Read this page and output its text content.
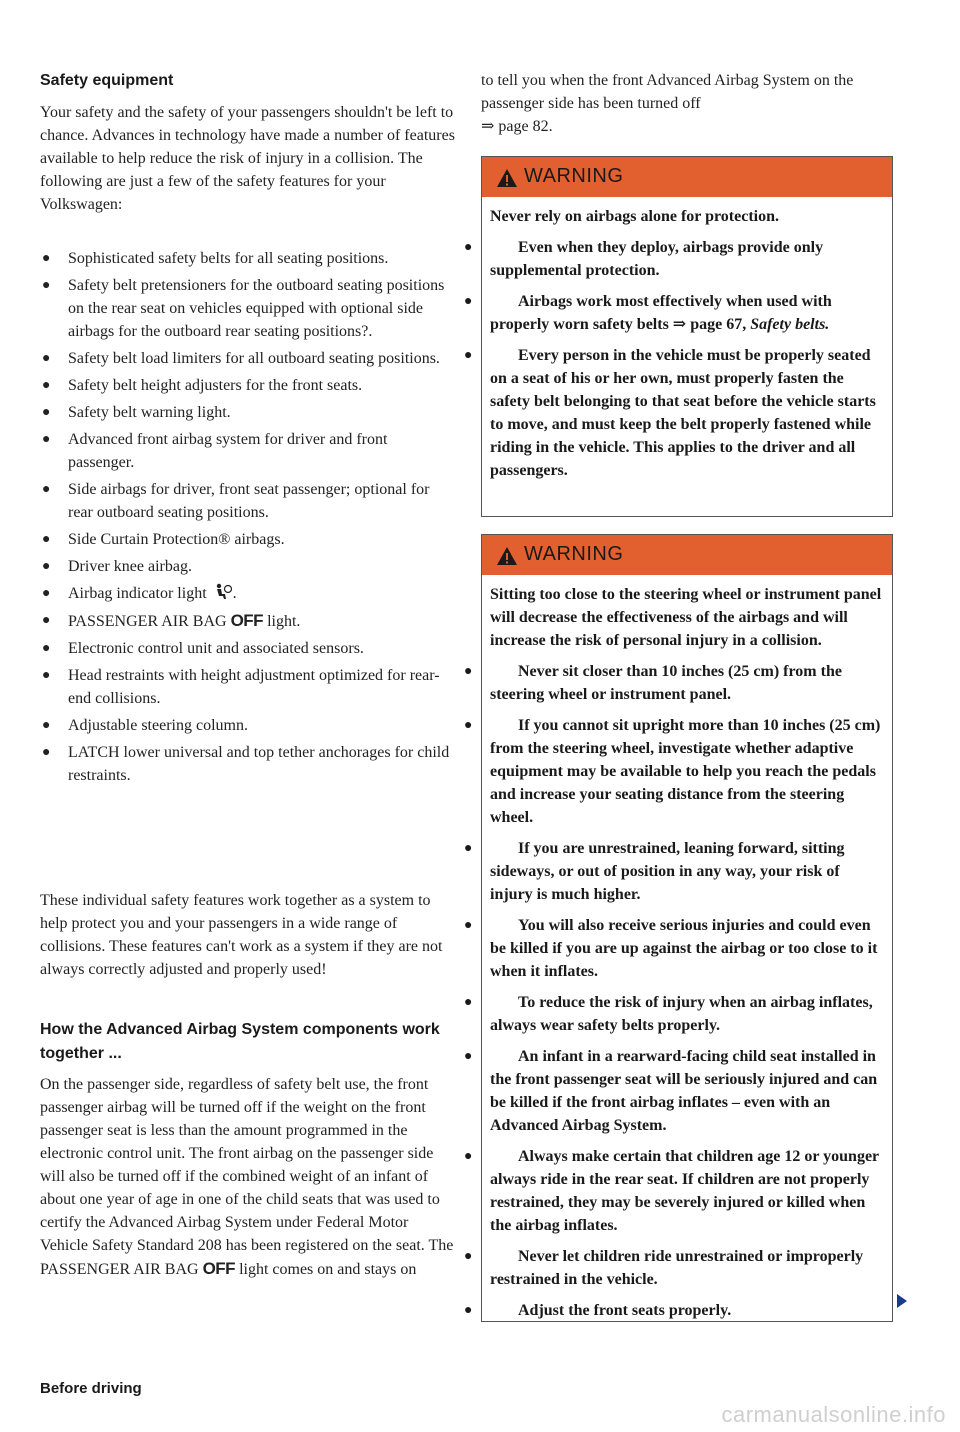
Safety equipment

Your safety and the safety of your passengers shouldn't be left to chance. Advances in technology have made a number of features available to help reduce the risk of injury in a collision. The following are just a few of the safety features for your Volkswagen:

● Sophisticated safety belts for all seating positions.
● Safety belt pretensioners for the outboard seating positions on the rear seat on vehicles equipped with optional side airbags for the outboard rear seating positions?.
● Safety belt load limiters for all outboard seating positions.
● Safety belt height adjusters for the front seats.
● Safety belt warning light.
● Advanced front airbag system for driver and front passenger.
● Side airbags for driver, front seat passenger; optional for rear outboard seating positions.
● Side Curtain Protection® airbags.
● Driver knee airbag.
● Airbag indicator light .
● PASSENGER AIR BAG OFF light.
● Electronic control unit and associated sensors.
● Head restraints with height adjustment optimized for rear-end collisions.
● Adjustable steering column.
● LATCH lower universal and top tether anchorages for child restraints.

These individual safety features work together as a system to help protect you and your passengers in a wide range of collisions. These features can't work as a system if they are not always correctly adjusted and properly used!

How the Advanced Airbag System components work together ...

On the passenger side, regardless of safety belt use, the front passenger airbag will be turned off if the weight on the front passenger seat is less than the amount programmed in the electronic control unit. The front airbag on the passenger side will also be turned off if the combined weight of an infant of about one year of age in one of the child seats that was used to certify the Advanced Airbag System under Federal Motor Vehicle Safety Standard 208 has been registered on the seat. The PASSENGER AIR BAG OFF light comes on and stays on

to tell you when the front Advanced Airbag System on the passenger side has been turned off
⇒ page 82.

WARNING

Never rely on airbags alone for protection.

●	Even when they deploy, airbags provide only supplemental protection.
●	Airbags work most effectively when used with properly worn safety belts ⇒ page 67, Safety belts.
●	Every person in the vehicle must be properly seated on a seat of his or her own, must properly fasten the safety belt belonging to that seat before the vehicle starts to move, and must keep the belt properly fastened while riding in the vehicle. This applies to the driver and all passengers.
WARNING

Sitting too close to the steering wheel or instrument panel will decrease the effectiveness of the airbags and will increase the risk of personal injury in a collision.

●	Never sit closer than 10 inches (25 cm) from the steering wheel or instrument panel.
●	If you cannot sit upright more than 10 inches (25 cm) from the steering wheel, investigate whether adaptive equipment may be available to help you reach the pedals and increase your seating distance from the steering wheel.
●	If you are unrestrained, leaning forward, sitting sideways, or out of position in any way, your risk of injury is much higher.
●	You will also receive serious injuries and could even be killed if you are up against the airbag or too close to it when it inflates.
●	To reduce the risk of injury when an airbag inflates, always wear safety belts properly.
●	An infant in a rearward-facing child seat installed in the front passenger seat will be seriously injured and can be killed if the front airbag inflates – even with an Advanced Airbag System.
●	Always make certain that children age 12 or younger always ride in the rear seat. If children are not properly restrained, they may be severely injured or killed when the airbag inflates.
●	Never let children ride unrestrained or improperly restrained in the vehicle.
●	Adjust the front seats properly.
Before driving
carmanualsonline.info
